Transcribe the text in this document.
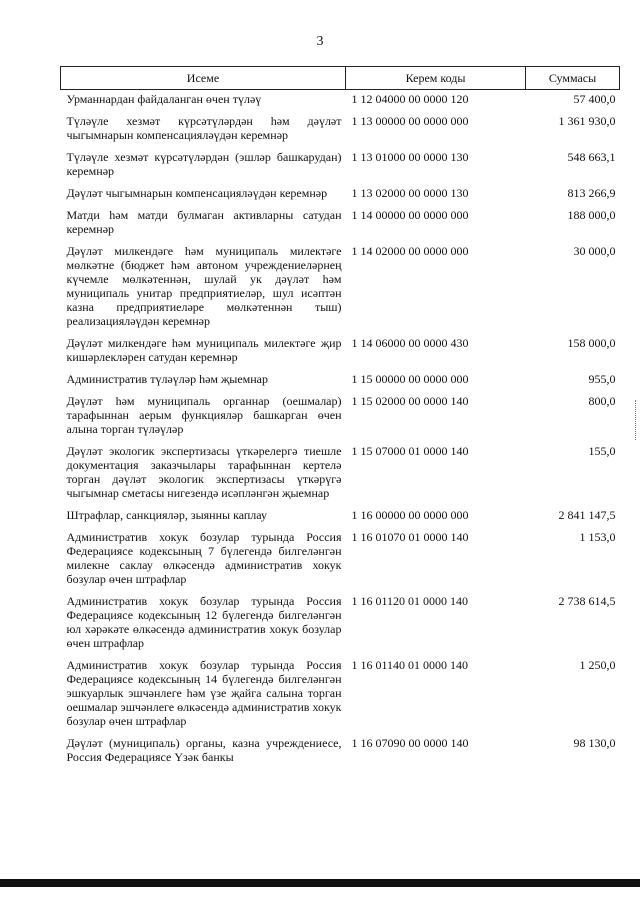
3
Исеме	Керем коды	Суммасы
Урманнардан файдаланган өчен түләү	1 12 04000 00 0000 120	57 400,0
Түләүле хезмәт күрсәтүләрдән һәм дәүләт чыгымнарын компенсацияләүдән керемнәр	1 13 00000 00 0000 000	1 361 930,0
Түләүле хезмәт күрсәтүләрдән (эшләр башкарудан) керемнәр	1 13 01000 00 0000 130	548 663,1
Дәүләт чыгымнарын компенсацияләүдән керемнәр	1 13 02000 00 0000 130	813 266,9
Матди һәм матди булмаган активларны сатудан керемнәр	1 14 00000 00 0000 000	188 000,0
Дәүләт милкендәге һәм муниципаль милектәге мөлкәтне (бюджет һәм автоном учреждениеләрнең күчемле мөлкәтеннән, шулай ук дәүләт һәм муниципаль унитар предприятиеләр, шул исәптән казна предприятиеләре мөлкәтеннән тыш) реализацияләүдән керемнәр	1 14 02000 00 0000 000	30 000,0
Дәүләт милкендәге һәм муниципаль милектәге җир кишәрлекләрен сатудан керемнәр	1 14 06000 00 0000 430	158 000,0
Административ түләүләр һәм җыемнар	1 15 00000 00 0000 000	955,0
Дәүләт һәм муниципаль органнар (оешмалар) тарафыннан аерым функцияләр башкарган өчен алына торган түләүләр	1 15 02000 00 0000 140	800,0
Дәүләт экологик экспертизасы үткәрелергә тиешле документация заказчылары тарафыннан кертелә торган дәүләт экологик экспертизасы үткәрүгә чыгымнар сметасы нигезендә исәпләнгән җыемнар	1 15 07000 01 0000 140	155,0
Штрафлар, санкцияләр, зыянны каплау	1 16 00000 00 0000 000	2 841 147,5
Административ хокук бозулар турында Россия Федерациясе кодексының 7 бүлегендә билгеләнгән милекне саклау өлкәсендә административ хокук бозулар өчен штрафлар	1 16 01070 01 0000 140	1 153,0
Административ хокук бозулар турында Россия Федерациясе кодексының 12 бүлегендә билгеләнгән юл хәрәкәте өлкәсендә административ хокук бозулар өчен штрафлар	1 16 01120 01 0000 140	2 738 614,5
Административ хокук бозулар турында Россия Федерациясе кодексының 14 бүлегендә билгеләнгән эшкуарлык эшчәнлеге һәм үзе җайга салына торган оешмалар эшчәнлеге өлкәсендә административ хокук бозулар өчен штрафлар	1 16 01140 01 0000 140	1 250,0
Дәүләт (муниципаль) органы, казна учреждениесе, Россия Федерациясе Үзәк банкы	1 16 07090 00 0000 140	98 130,0
